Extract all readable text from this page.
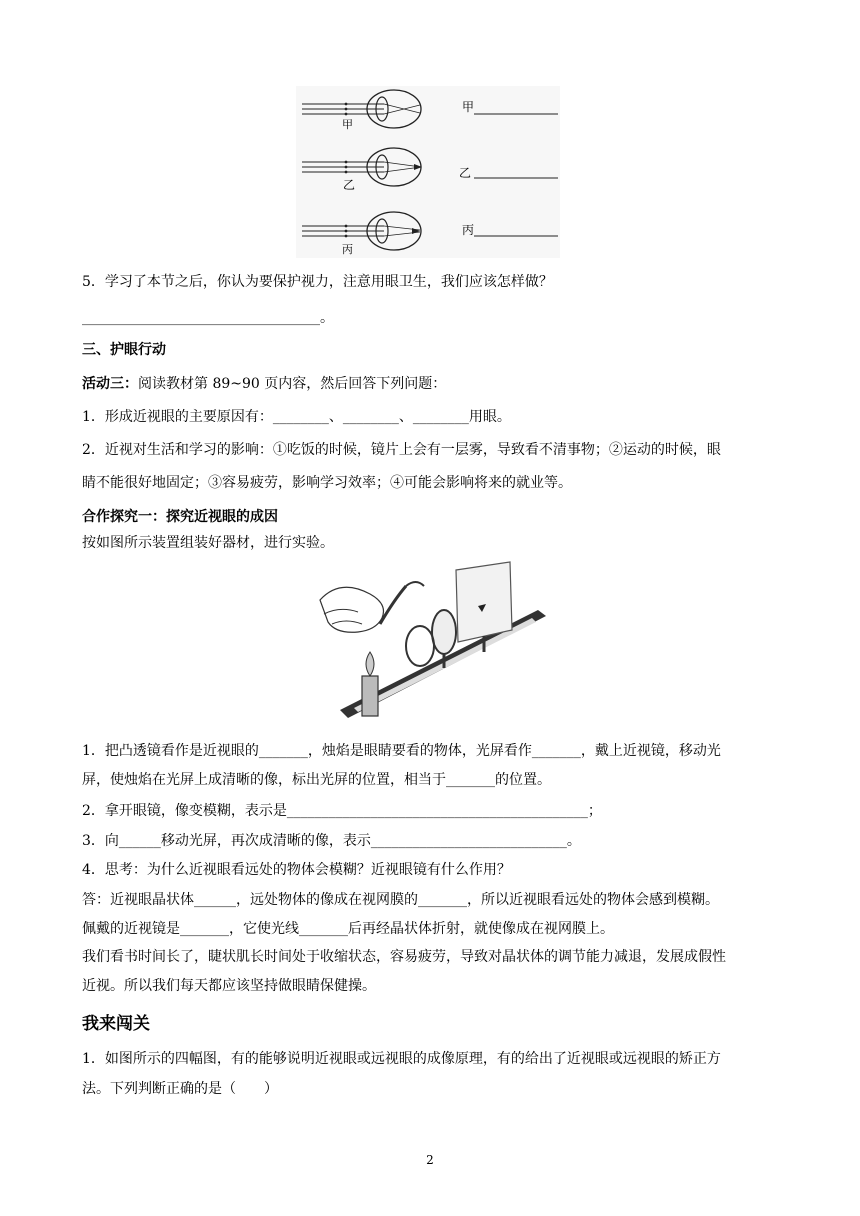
甲
乙
丙
甲
乙
丙
5．学习了本节之后，你认为要保护视力，注意用眼卫生，我们应该怎样做？
__________________________________。
三、护眼行动
活动三：阅读教材第 89~90 页内容，然后回答下列问题：
1．形成近视眼的主要原因有：________、________、________用眼。
2．近视对生活和学习的影响：①吃饭的时候，镜片上会有一层雾，导致看不清事物；②运动的时候，眼
睛不能很好地固定；③容易疲劳，影响学习效率；④可能会影响将来的就业等。
合作探究一：探究近视眼的成因
按如图所示装置组装好器材，进行实验。
1．把凸透镜看作是近视眼的_______，烛焰是眼睛要看的物体，光屏看作_______，戴上近视镜，移动光
屏，使烛焰在光屏上成清晰的像，标出光屏的位置，相当于_______的位置。
2．拿开眼镜，像变模糊，表示是___________________________________________；
3．向______移动光屏，再次成清晰的像，表示____________________________。
4．思考：为什么近视眼看远处的物体会模糊？近视眼镜有什么作用？
答：近视眼晶状体______，远处物体的像成在视网膜的_______，所以近视眼看远处的物体会感到模糊。
佩戴的近视镜是_______，它使光线_______后再经晶状体折射，就使像成在视网膜上。
我们看书时间长了，睫状肌长时间处于收缩状态，容易疲劳，导致对晶状体的调节能力减退，发展成假性
近视。所以我们每天都应该坚持做眼睛保健操。
我来闯关
1．如图所示的四幅图，有的能够说明近视眼或远视眼的成像原理，有的给出了近视眼或远视眼的矫正方
法。下列判断正确的是（　　）
2
